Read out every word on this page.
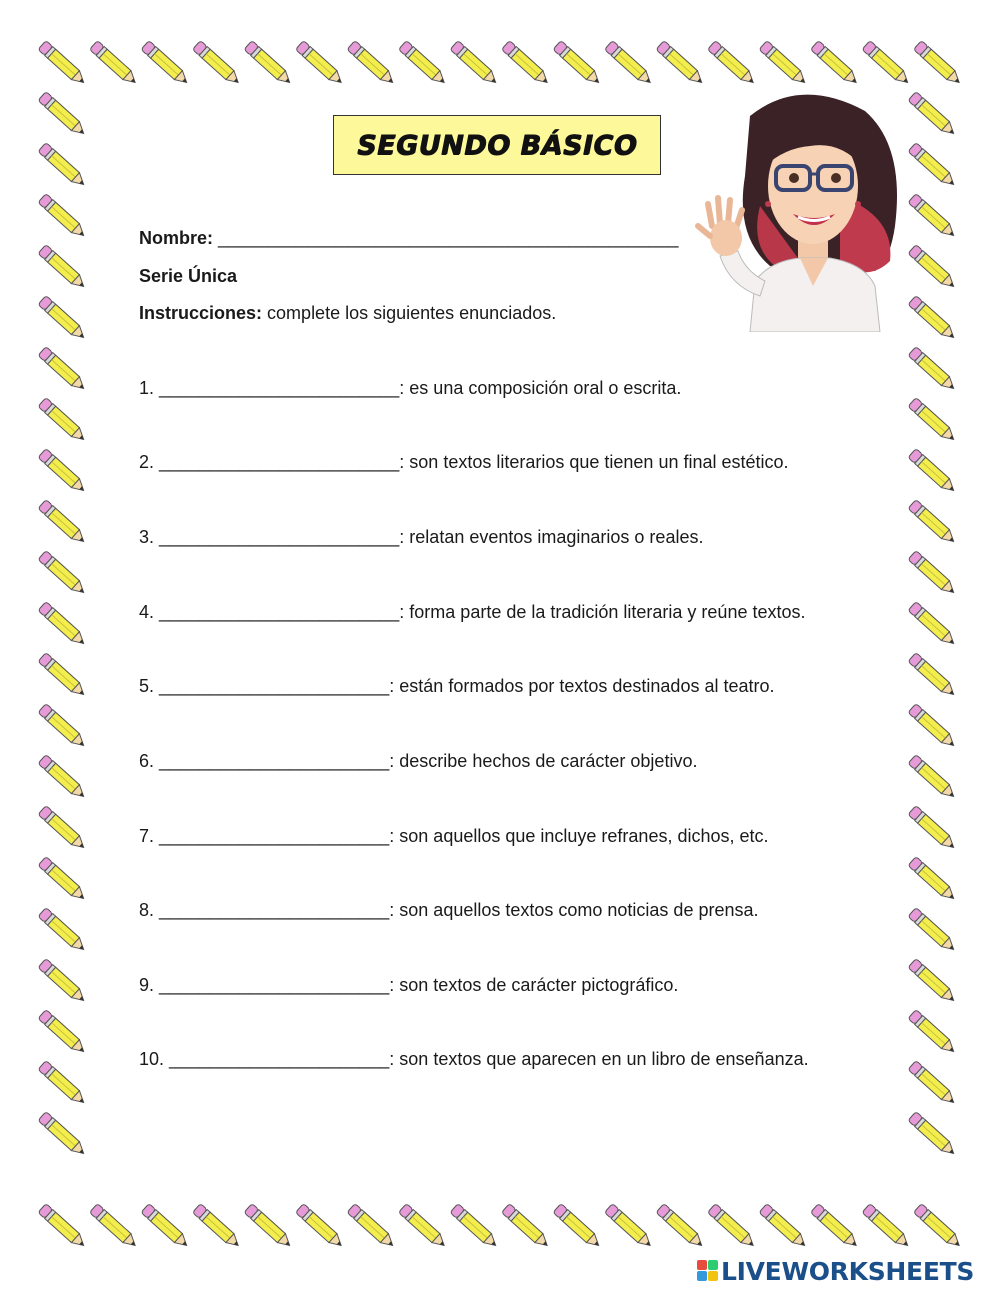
SEGUNDO BÁSICO
Nombre: ______________________________________________
Serie Única
Instrucciones: complete los siguientes enunciados.
1. ________________________: es una composición oral o escrita.
2. ________________________: son textos literarios que tienen un final estético.
3. ________________________: relatan eventos imaginarios o reales.
4. ________________________: forma parte de la tradición literaria y reúne textos.
5. _______________________: están formados por textos destinados al teatro.
6. _______________________: describe hechos de carácter objetivo.
7. _______________________: son aquellos que incluye refranes, dichos, etc.
8. _______________________: son aquellos textos como noticias de prensa.
9. _______________________: son textos de carácter pictográfico.
10. ______________________: son textos que aparecen en un libro de enseñanza.
LIVEWORKSHEETS
